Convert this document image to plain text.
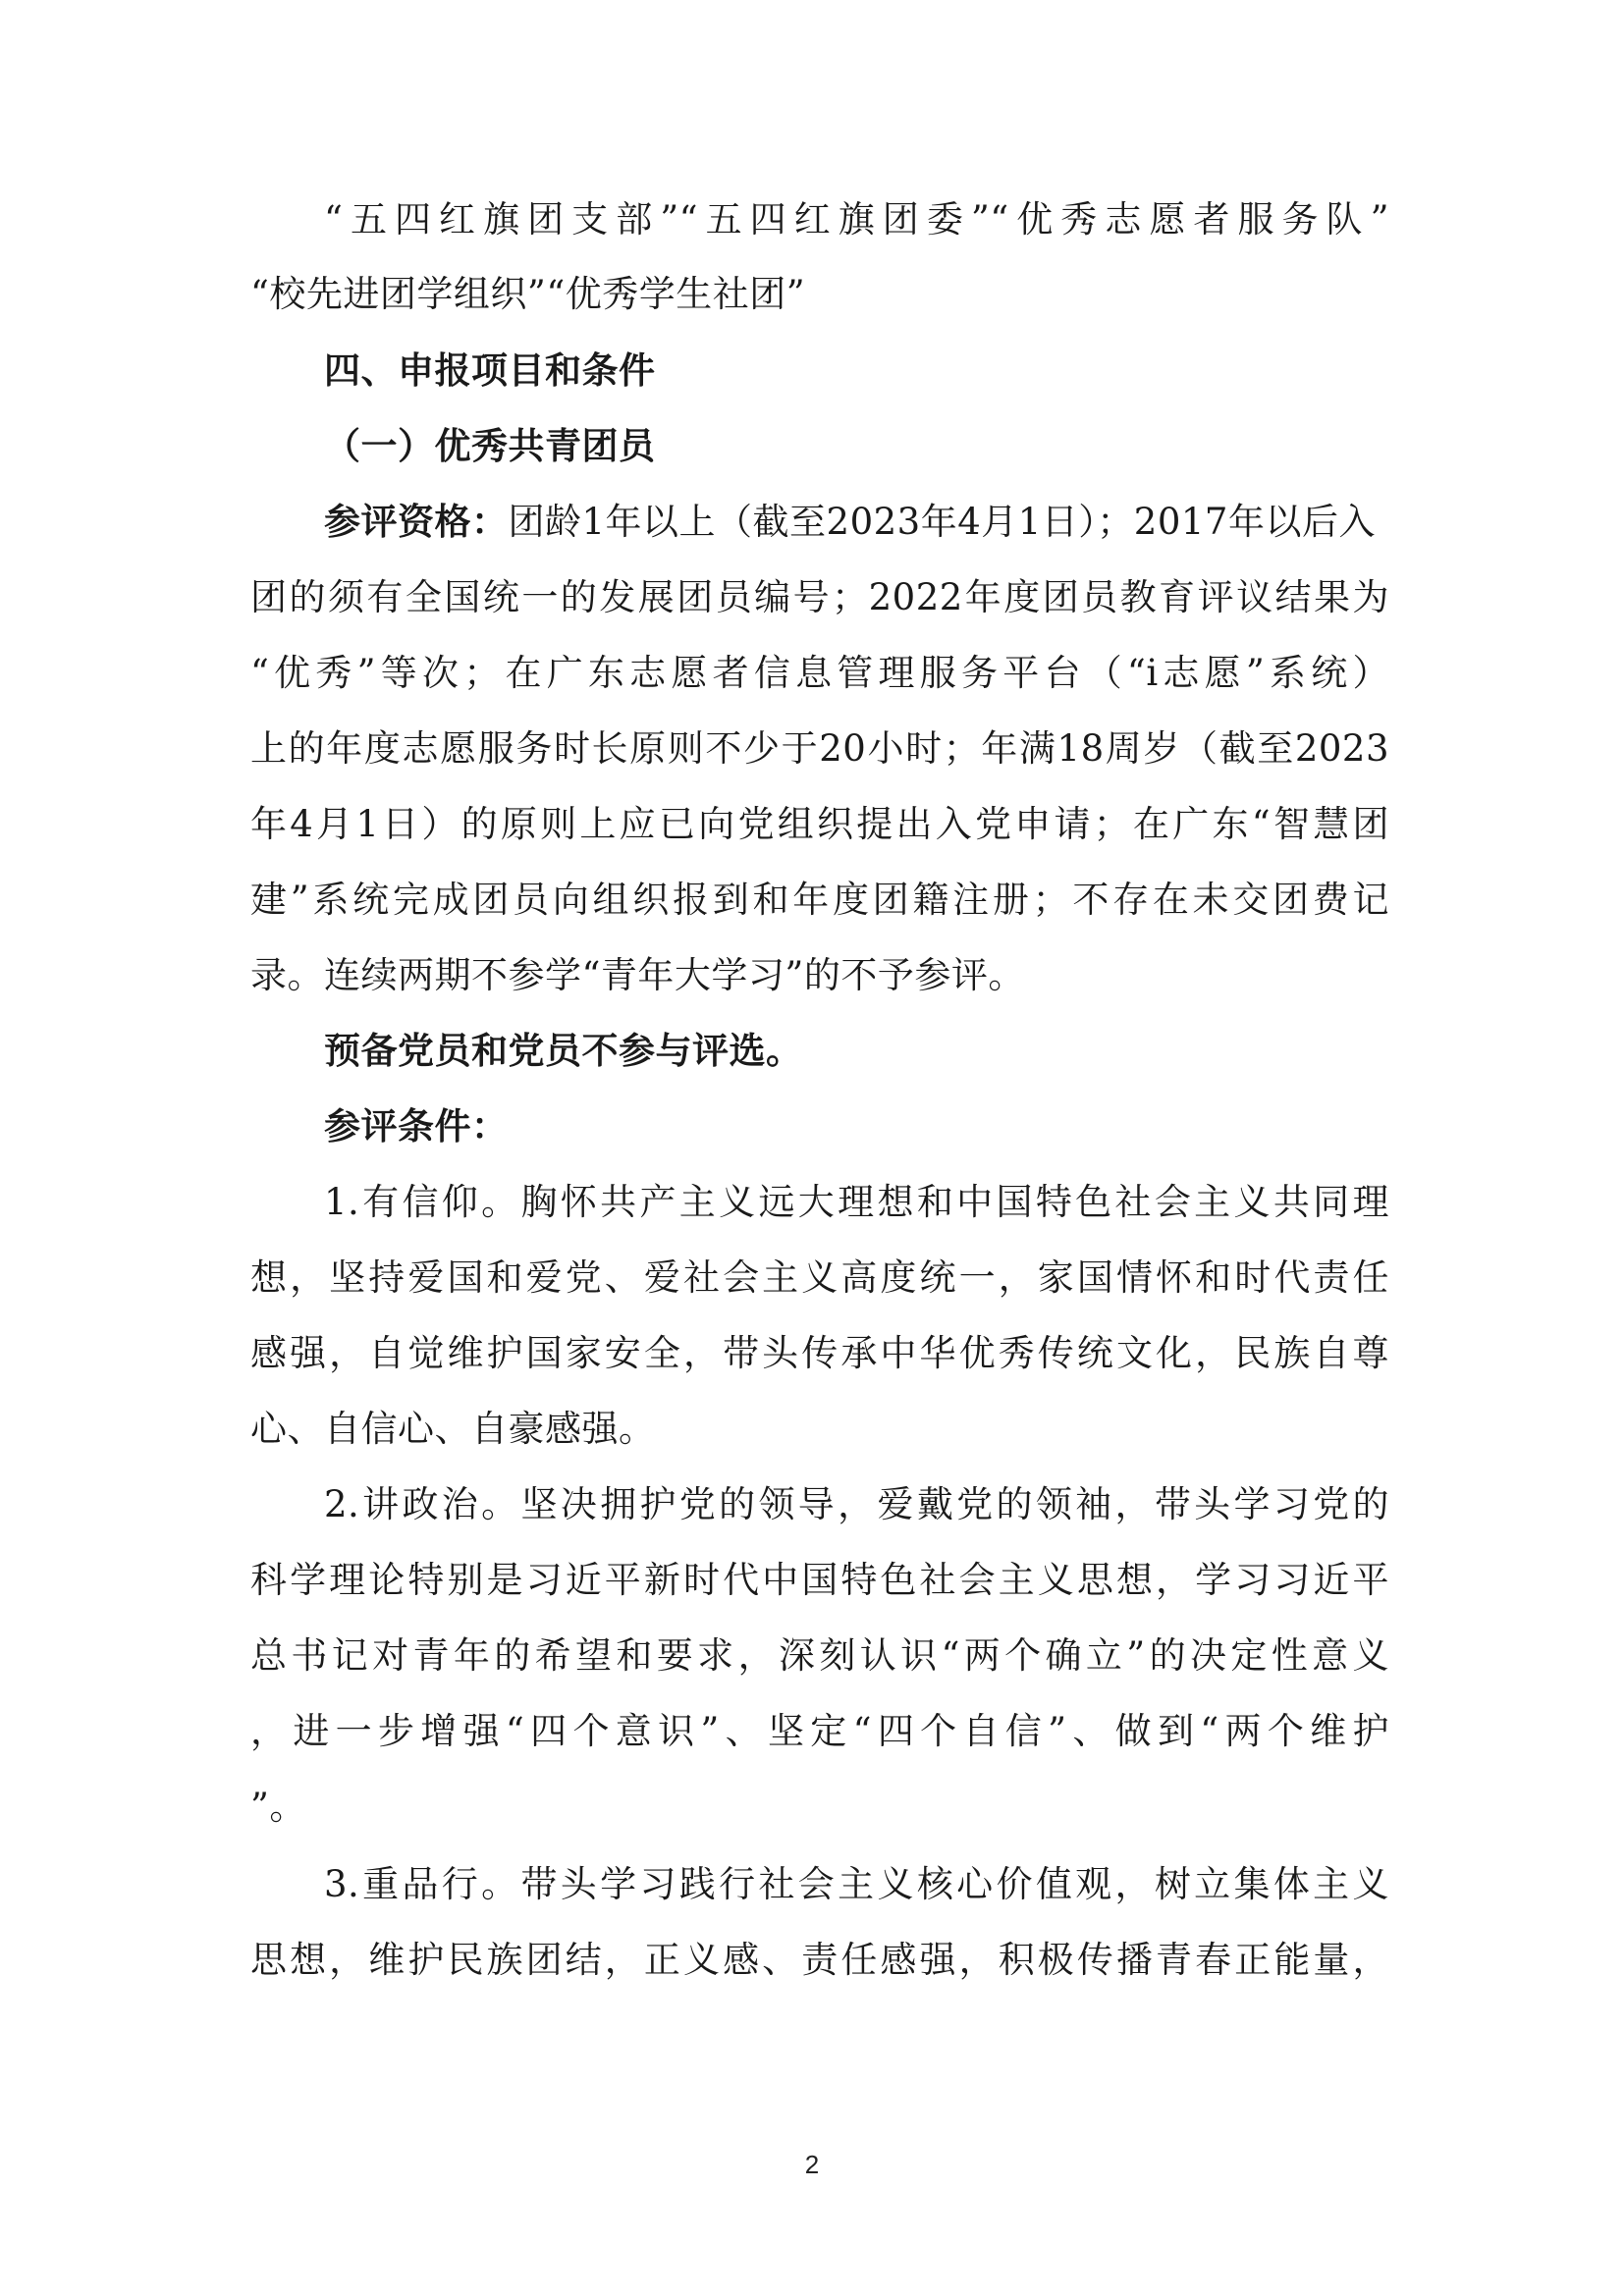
“五四红旗团支部”“五四红旗团委”“优秀志愿者服务队”
“校先进团学组织”“优秀学生社团”
四、申报项目和条件
（一）优秀共青团员
参评资格：团龄1年以上（截至2023年4月1日）；2017年以后入
团的须有全国统一的发展团员编号；2022年度团员教育评议结果为
“优秀”等次；在广东志愿者信息管理服务平台（“i志愿”系统）
上的年度志愿服务时长原则不少于20小时；年满18周岁（截至2023
年4月1日）的原则上应已向党组织提出入党申请；在广东“智慧团
建”系统完成团员向组织报到和年度团籍注册；不存在未交团费记
录。连续两期不参学“青年大学习”的不予参评。
预备党员和党员不参与评选。
参评条件：
1.有信仰。胸怀共产主义远大理想和中国特色社会主义共同理
想，坚持爱国和爱党、爱社会主义高度统一，家国情怀和时代责任
感强，自觉维护国家安全，带头传承中华优秀传统文化，民族自尊
心、自信心、自豪感强。
2.讲政治。坚决拥护党的领导，爱戴党的领袖，带头学习党的
科学理论特别是习近平新时代中国特色社会主义思想，学习习近平
总书记对青年的希望和要求，深刻认识“两个确立”的决定性意义
，进一步增强“四个意识”、坚定“四个自信”、做到“两个维护
”。
3.重品行。带头学习践行社会主义核心价值观，树立集体主义
思想，维护民族团结，正义感、责任感强，积极传播青春正能量，
2
